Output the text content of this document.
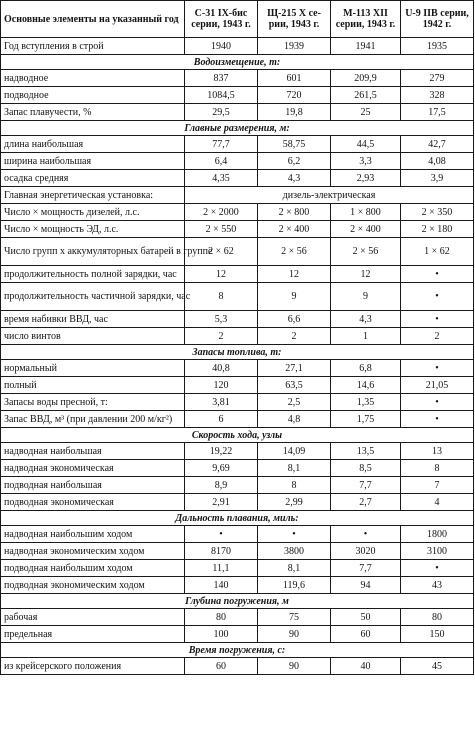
Основные элементы на указанный год	С-31 IX-бис серии, 1943 г.	Щ-215 X се-рии, 1943 г.	М-113 XII серии, 1943 г.	U-9 IIB серии, 1942 г.
Год вступления в строй	1940	1939	1941	1935
Водоизмещение, т:				
надводное	837	601	209,9	279
подводное	1084,5	720	261,5	328
Запас плавучести, %	29,5	19,8	25	17,5
Главные размерения, м:				
длина наибольшая	77,7	58,75	44,5	42,7
ширина наибольшая	6,4	6,2	3,3	4,08
осадка средняя	4,35	4,3	2,93	3,9
Главная энергетическая установка:	дизель-электрическая			
Число × мощность дизелей, л.с.	2 × 2000	2 × 800	1 × 800	2 × 350
Число × мощность ЭД, л.с.	2 × 550	2 × 400	2 × 400	2 × 180
Число групп х аккумуляторных батарей в группе	2 × 62	2 × 56	2 × 56	1 × 62
продолжительность полной зарядки, час	12	12	12	•
продолжительность частичной зарядки, час	8	9	9	•
время набивки ВВД, час	5,3	6,6	4,3	•
число винтов	2	2	1	2
Запасы топлива, т:				
нормальный	40,8	27,1	6,8	•
полный	120	63,5	14,6	21,05
Запасы воды пресной, т:	3,81	2,5	1,35	•
Запас ВВД, м³ (при давлении 200 м/кг²)	6	4,8	1,75	•
Скорость хода, узлы				
надводная наибольшая	19,22	14,09	13,5	13
надводная экономическая	9,69	8,1	8,5	8
подводная наибольшая	8,9	8	7,7	7
подводная экономическая	2,91	2,99	2,7	4
Дальность плавания, миль:				
надводная наибольшим ходом	•	•	•	1800
надводная экономическим ходом	8170	3800	3020	3100
подводная наибольшим ходом	11,1	8,1	7,7	•
подводная экономическим ходом	140	119,6	94	43
Глубина погружения, м				
рабочая	80	75	50	80
предельная	100	90	60	150
Время погружения, с:				
из крейсерского положения	60	90	40	45
